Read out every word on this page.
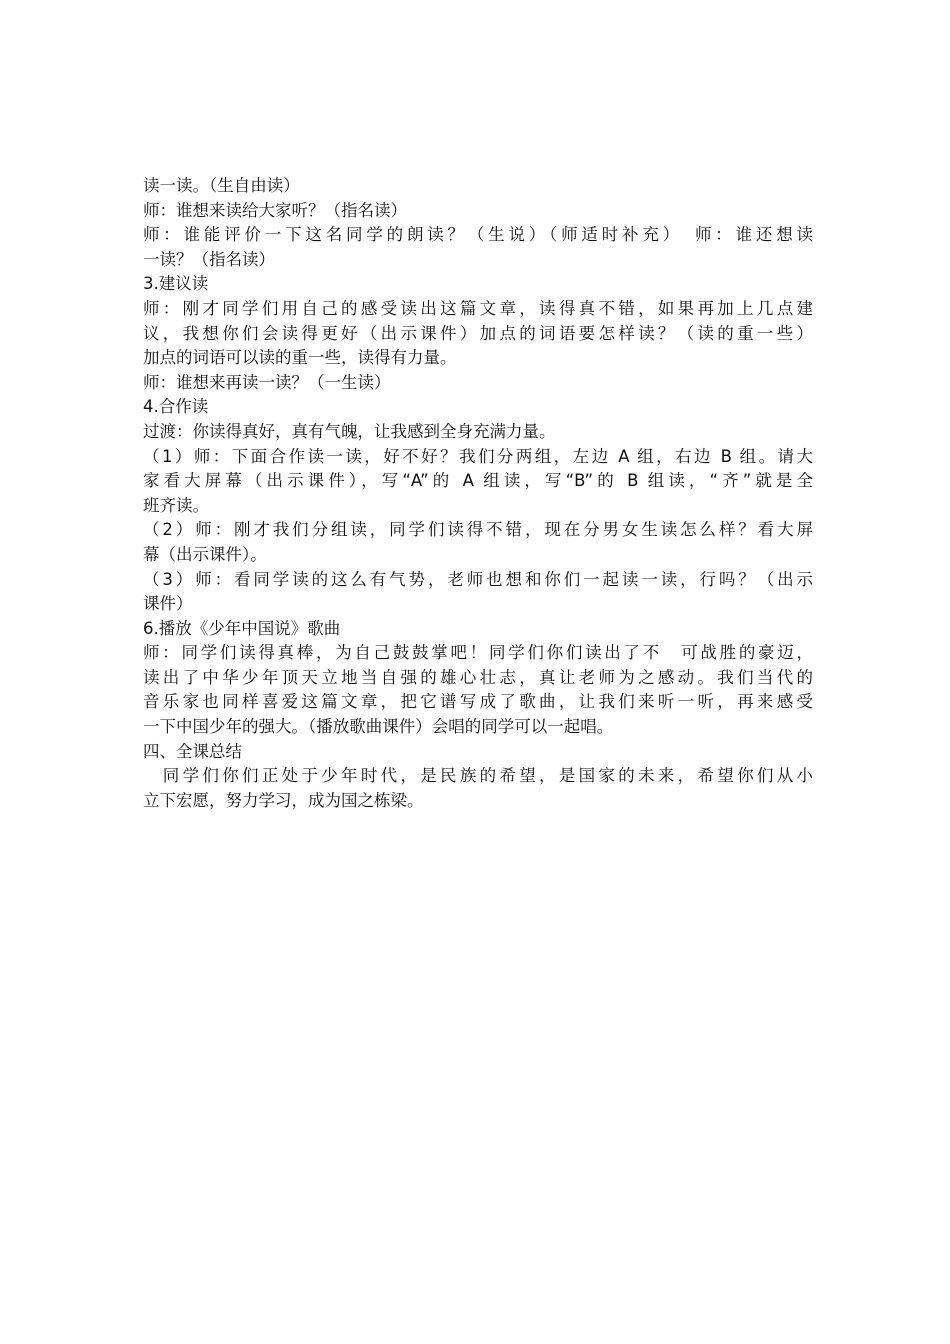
读一读。（生自由读）
师：谁想来读给大家听？（指名读）
师：谁能评价一下这名同学的朗读？（生说）（师适时补充）　师：谁还想读
一读？（指名读）
3.建议读
师：刚才同学们用自己的感受读出这篇文章，读得真不错，如果再加上几点建
议，我想你们会读得更好（出示课件）加点的词语要怎样读？（读的重一些）
加点的词语可以读的重一些，读得有力量。
师：谁想来再读一读？（一生读）
4.合作读
过渡：你读得真好，真有气魄，让我感到全身充满力量。
（1）师：下面合作读一读，好不好？我们分两组，左边 A 组，右边 B 组。请大
家看大屏幕（出示课件），写“A”的 A 组读，写“B”的 B 组读，“齐”就是全
班齐读。
（2）师：刚才我们分组读，同学们读得不错，现在分男女生读怎么样？看大屏
幕（出示课件）。
（3）师：看同学读的这么有气势，老师也想和你们一起读一读，行吗？（出示
课件）
6.播放《少年中国说》歌曲
师：同学们读得真棒，为自己鼓鼓掌吧！同学们你们读出了不　可战胜的豪迈，
读出了中华少年顶天立地当自强的雄心壮志，真让老师为之感动。我们当代的
音乐家也同样喜爱这篇文章，把它谱写成了歌曲，让我们来听一听，再来感受
一下中国少年的强大。（播放歌曲课件）会唱的同学可以一起唱。
四、全课总结
　同学们你们正处于少年时代，是民族的希望，是国家的未来，希望你们从小
立下宏愿，努力学习，成为国之栋梁。
